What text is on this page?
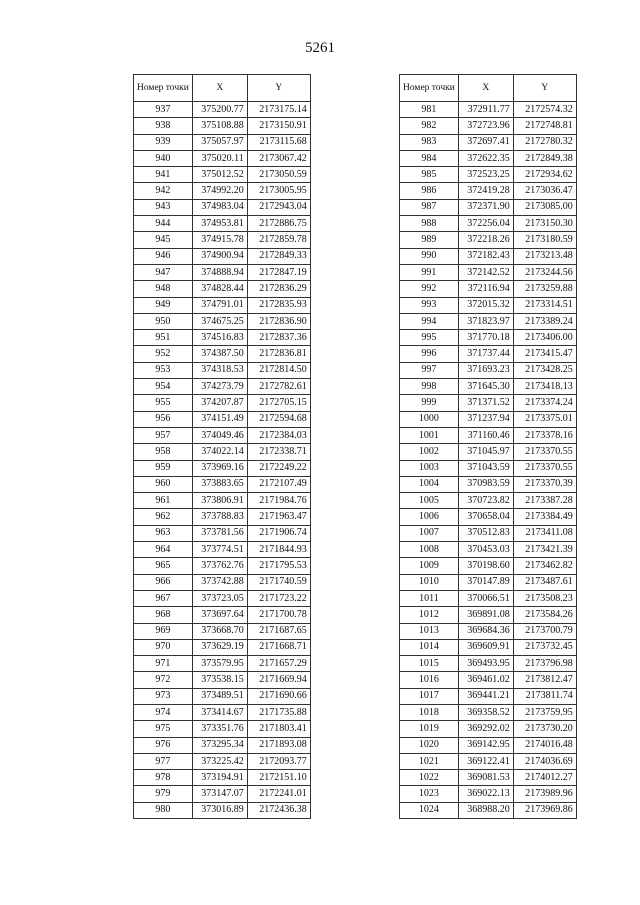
5261
Номер точки	X	Y
937	375200.77	2173175.14
938	375108.88	2173150.91
939	375057.97	2173115.68
940	375020.11	2173067.42
941	375012.52	2173050.59
942	374992.20	2173005.95
943	374983.04	2172943.04
944	374953.81	2172886.75
945	374915.78	2172859.78
946	374900.94	2172849.33
947	374888.94	2172847.19
948	374828.44	2172836.29
949	374791.01	2172835.93
950	374675.25	2172836.90
951	374516.83	2172837.36
952	374387.50	2172836.81
953	374318.53	2172814.50
954	374273.79	2172782.61
955	374207.87	2172705.15
956	374151.49	2172594.68
957	374049.46	2172384.03
958	374022.14	2172338.71
959	373969.16	2172249.22
960	373883.65	2172107.49
961	373806.91	2171984.76
962	373788.83	2171963.47
963	373781.56	2171906.74
964	373774.51	2171844.93
965	373762.76	2171795.53
966	373742.88	2171740.59
967	373723.05	2171723.22
968	373697.64	2171700.78
969	373668.70	2171687.65
970	373629.19	2171668.71
971	373579.95	2171657.29
972	373538.15	2171669.94
973	373489.51	2171690.66
974	373414.67	2171735.88
975	373351.76	2171803.41
976	373295.34	2171893.08
977	373225.42	2172093.77
978	373194.91	2172151.10
979	373147.07	2172241.01
980	373016.89	2172436.38
Номер точки	X	Y
981	372911.77	2172574.32
982	372723.96	2172748.81
983	372697.41	2172780.32
984	372622.35	2172849.38
985	372523.25	2172934.62
986	372419.28	2173036.47
987	372371.90	2173085.00
988	372256.04	2173150.30
989	372218.26	2173180.59
990	372182.43	2173213.48
991	372142.52	2173244.56
992	372116.94	2173259.88
993	372015.32	2173314.51
994	371823.97	2173389.24
995	371770.18	2173406.00
996	371737.44	2173415.47
997	371693.23	2173428.25
998	371645.30	2173418.13
999	371371.52	2173374.24
1000	371237.94	2173375.01
1001	371160.46	2173378.16
1002	371045.97	2173370.55
1003	371043.59	2173370.55
1004	370983.59	2173370.39
1005	370723.82	2173387.28
1006	370658.04	2173384.49
1007	370512.83	2173411.08
1008	370453.03	2173421.39
1009	370198.60	2173462.82
1010	370147.89	2173487.61
1011	370066.51	2173508.23
1012	369891.08	2173584.26
1013	369684.36	2173700.79
1014	369609.91	2173732.45
1015	369493.95	2173796.98
1016	369461.02	2173812.47
1017	369441.21	2173811.74
1018	369358.52	2173759.95
1019	369292.02	2173730.20
1020	369142.95	2174016.48
1021	369122.41	2174036.69
1022	369081.53	2174012.27
1023	369022.13	2173989.96
1024	368988.20	2173969.86
